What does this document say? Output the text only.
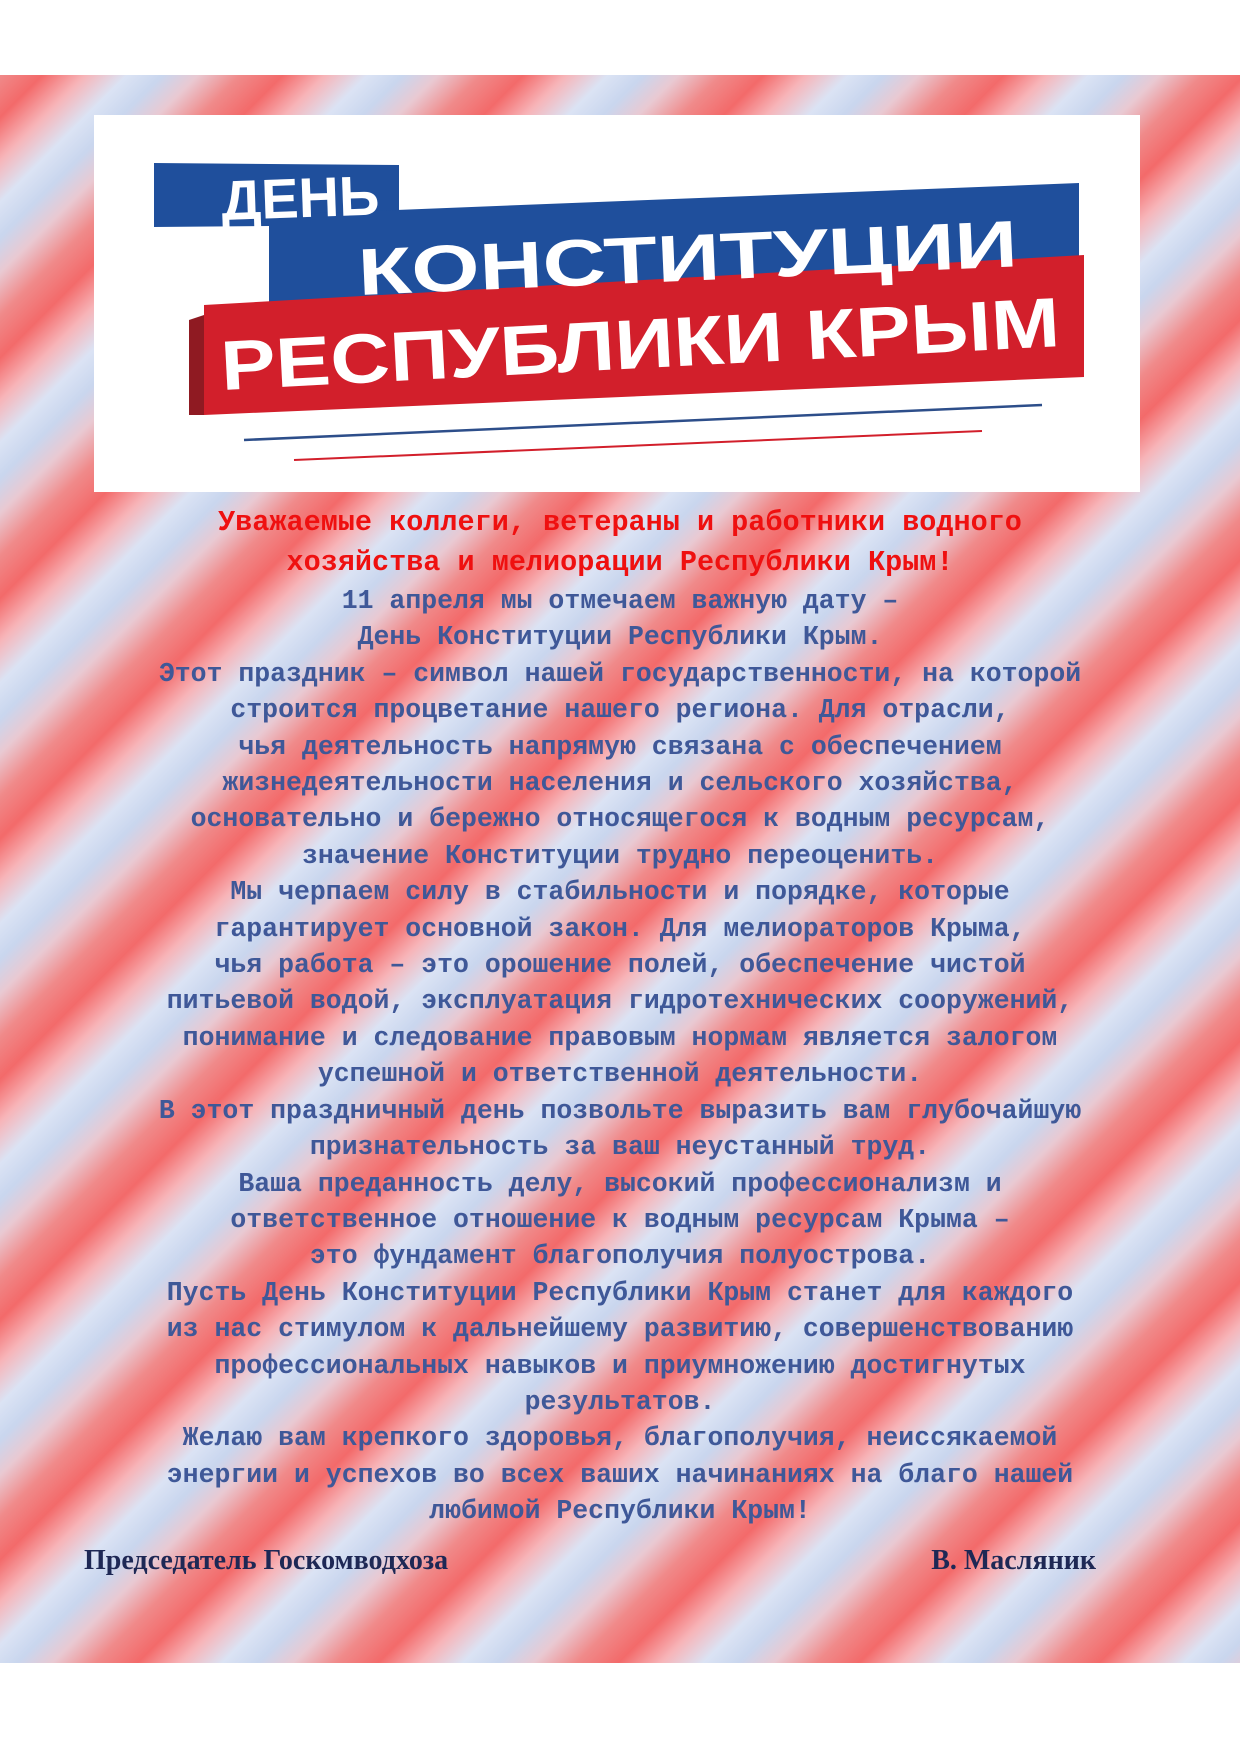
ДЕНЬ
КОНСТИТУЦИИ
РЕСПУБЛИКИ КРЫМ
Уважаемые коллеги, ветераны и работники водного
хозяйства и мелиорации Республики Крым!
11 апреля мы отмечаем важную дату –
День Конституции Республики Крым.
Этот праздник – символ нашей государственности, на которой
строится процветание нашего региона. Для отрасли,
чья деятельность напрямую связана с обеспечением
жизнедеятельности населения и сельского хозяйства,
основательно и бережно относящегося к водным ресурсам,
значение Конституции трудно переоценить.
Мы черпаем силу в стабильности и порядке, которые
гарантирует основной закон. Для мелиораторов Крыма,
чья работа – это орошение полей, обеспечение чистой
питьевой водой, эксплуатация гидротехнических сооружений,
понимание и следование правовым нормам является залогом
успешной и ответственной деятельности.
В этот праздничный день позвольте выразить вам глубочайшую
признательность за ваш неустанный труд.
Ваша преданность делу, высокий профессионализм и
ответственное отношение к водным ресурсам Крыма –
это фундамент благополучия полуострова.
Пусть День Конституции Республики Крым станет для каждого
из нас стимулом к дальнейшему развитию, совершенствованию
профессиональных навыков и приумножению достигнутых
результатов.
Желаю вам крепкого здоровья, благополучия, неиссякаемой
энергии и успехов во всех ваших начинаниях на благо нашей
любимой Республики Крым!
Председатель Госкомводхоза	В. Масляник
